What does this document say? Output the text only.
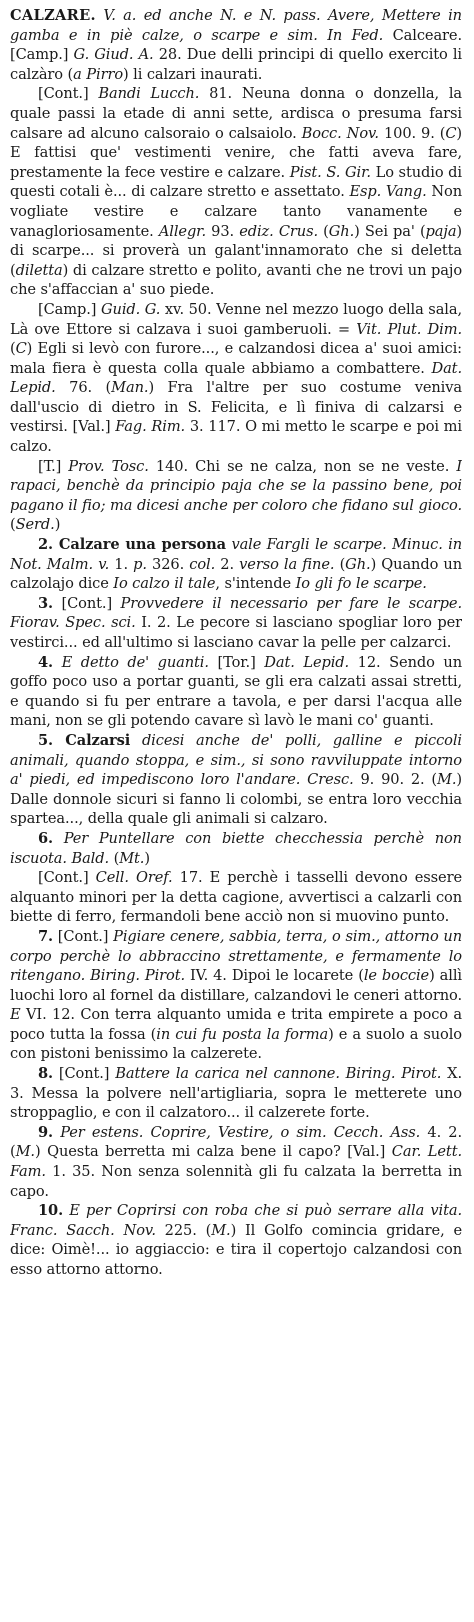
CALZARE. V. a. ed anche N. e N. pass. Avere, Mettere in gamba e in piè calze, o scarpe e sim. In Fed. Calceare. [Camp.] G. Giud. A. 28. Due delli principi di quello exercito li calzàro (a Pirro) li calzari inaurati.

[Cont.] Bandi Lucch. 81. Neuna donna o donzella, la quale passi la etade di anni sette, ardisca o presuma farsi calsare ad alcuno calsoraio o calsaiolo. Bocc. Nov. 100. 9. (C) E fattisi que' vestimenti venire, che fatti aveva fare, prestamente la fece vestire e calzare. Pist. S. Gir. Lo studio di questi cotali è... di calzare stretto e assettato. Esp. Vang. Non vogliate vestire e calzare tanto vanamente e vanagloriosamente. Allegr. 93. ediz. Crus. (Gh.) Sei pa' (paja) di scarpe... si proverà un galant'innamorato che si deletta (diletta) di calzare stretto e polito, avanti che ne trovi un pajo che s'affaccian a' suo piede.

[Camp.] Guid. G. xv. 50. Venne nel mezzo luogo della sala, Là ove Ettore si calzava i suoi gamberuoli. = Vit. Plut. Dim. (C) Egli si levò con furore..., e calzandosi dicea a' suoi amici: mala fiera è questa colla quale abbiamo a combattere. Dat. Lepid. 76. (Man.) Fra l'altre per suo costume veniva dall'uscio di dietro in S. Felicita, e lì finiva di calzarsi e vestirsi. [Val.] Fag. Rim. 3. 117. O mi metto le scarpe e poi mi calzo.

[T.] Prov. Tosc. 140. Chi se ne calza, non se ne veste. I rapaci, benchè da principio paja che se la passino bene, poi pagano il fio; ma dicesi anche per coloro che fidano sul gioco. (Serd.)

2. Calzare una persona vale Fargli le scarpe. Minuc. in Not. Malm. v. 1. p. 326. col. 2. verso la fine. (Gh.) Quando un calzolajo dice Io calzo il tale, s'intende Io gli fo le scarpe.

3. [Cont.] Provvedere il necessario per fare le scarpe. Fiorav. Spec. sci. I. 2. Le pecore si lasciano spogliar loro per vestirci... ed all'ultimo si lasciano cavar la pelle per calzarci.

4. E detto de' guanti. [Tor.] Dat. Lepid. 12. Sendo un goffo poco uso a portar guanti, se gli era calzati assai stretti, e quando si fu per entrare a tavola, e per darsi l'acqua alle mani, non se gli potendo cavare sì lavò le mani co' guanti.

5. Calzarsi dicesi anche de' polli, galline e piccoli animali, quando stoppa, e sim., si sono ravviluppate intorno a' piedi, ed impediscono loro l'andare. Cresc. 9. 90. 2. (M.) Dalle donnole sicuri si fanno li colombi, se entra loro vecchia spartea..., della quale gli animali si calzaro.

6. Per Puntellare con biette checchessia perchè non iscuota. Bald. (Mt.)

[Cont.] Cell. Oref. 17. E perchè i tasselli devono essere alquanto minori per la detta cagione, avvertisci a calzarli con biette di ferro, fermandoli bene acciò non si muovino punto.

7. [Cont.] Pigiare cenere, sabbia, terra, o sim., attorno un corpo perchè lo abbraccino strettamente, e fermamente lo ritengano. Biring. Pirot. IV. 4. Dipoi le locarete (le boccie) allì luochi loro al fornel da distillare, calzandovi le ceneri attorno. E VI. 12. Con terra alquanto umida e trita empirete a poco a poco tutta la fossa (in cui fu posta la forma) e a suolo a suolo con pistoni benissimo la calzerete.

8. [Cont.] Battere la carica nel cannone. Biring. Pirot. X. 3. Messa la polvere nell'artigliaria, sopra le metterete uno stroppaglio, e con il calzatoro... il calzerete forte.

9. Per estens. Coprire, Vestire, o sim. Cecch. Ass. 4. 2. (M.) Questa berretta mi calza bene il capo? [Val.] Car. Lett. Fam. 1. 35. Non senza solennità gli fu calzata la berretta in capo.

10. E per Coprirsi con roba che si può serrare alla vita. Franc. Sacch. Nov. 225. (M.) Il Golfo comincia gridare, e dice: Oimè!... io aggiaccio: e tira il copertojo calzandosi con esso attorno attorno.
